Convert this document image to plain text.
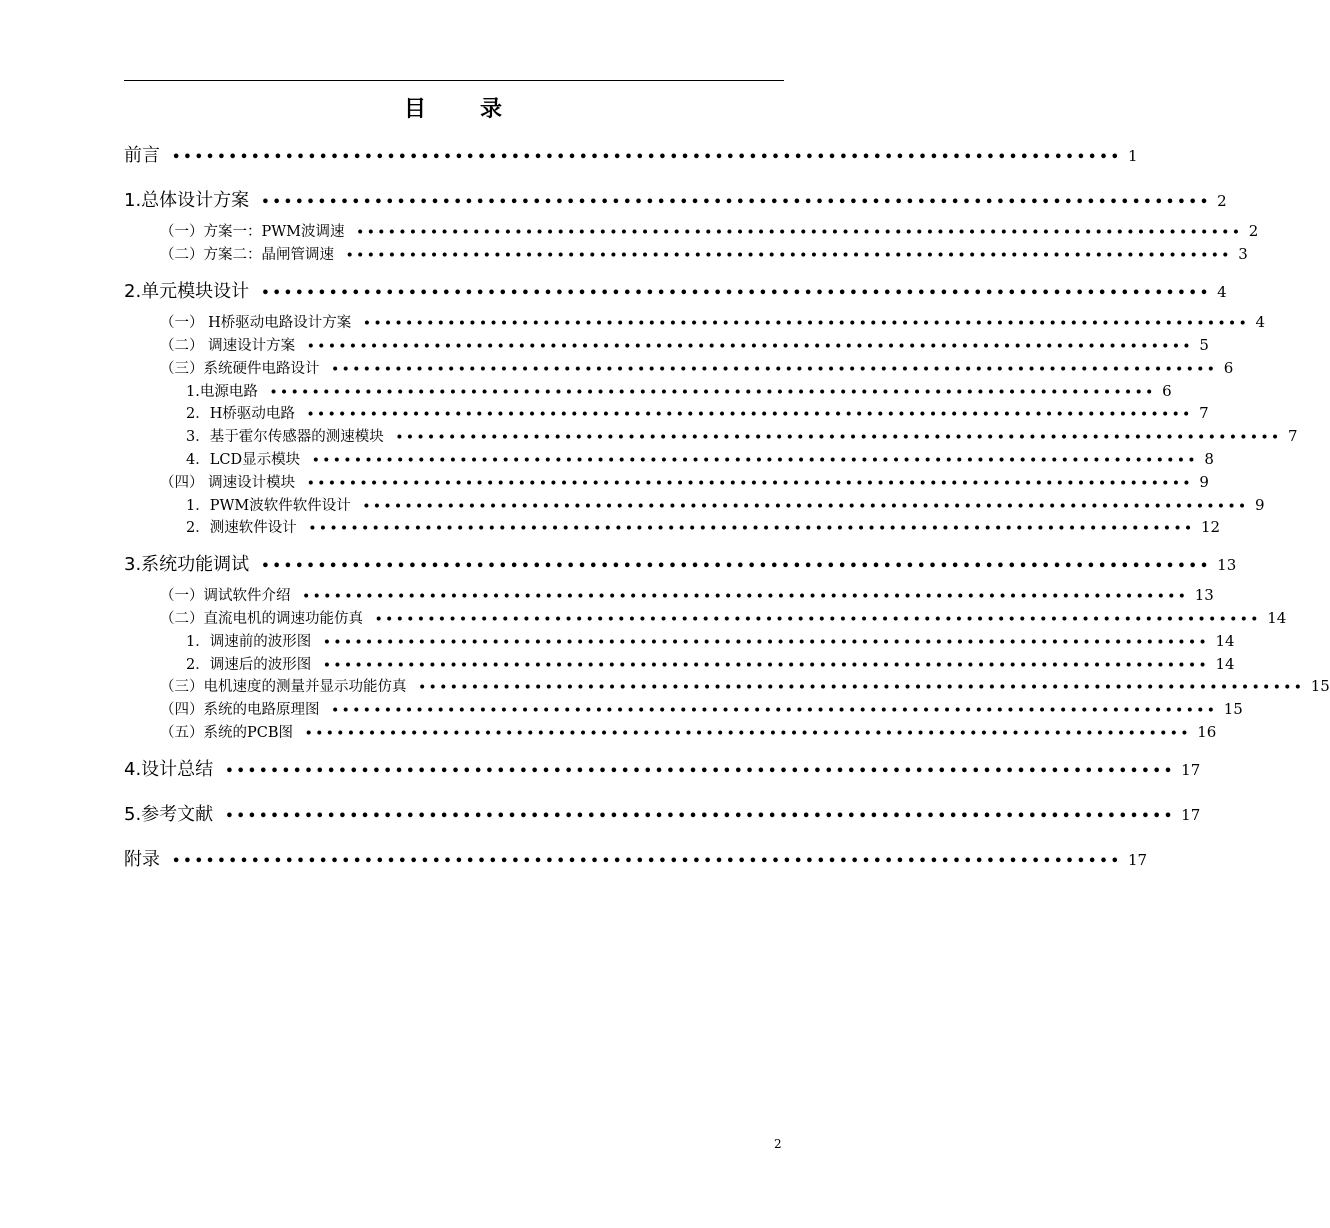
目 录
前言 •••••••••••••••••••••••••••••••••••••••••••••••••••••••••••••••••••••••••••••••••••• 1
1.总体设计方案 •••••••••••••••••••••••••••••••••••••••••••••••••••••••••••••••••••••••••••••••••••• 2
（一）方案一：PWM波调速 •••••••••••••••••••••••••••••••••••••••••••••••••••••••••••••••••••••••••••••••••••• 2
（二）方案二：晶闸管调速 •••••••••••••••••••••••••••••••••••••••••••••••••••••••••••••••••••••••••••••••••••• 3
2.单元模块设计 •••••••••••••••••••••••••••••••••••••••••••••••••••••••••••••••••••••••••••••••••••• 4
（一） H桥驱动电路设计方案 •••••••••••••••••••••••••••••••••••••••••••••••••••••••••••••••••••••••••••••••••••• 4
（二） 调速设计方案 •••••••••••••••••••••••••••••••••••••••••••••••••••••••••••••••••••••••••••••••••••• 5
（三）系统硬件电路设计 •••••••••••••••••••••••••••••••••••••••••••••••••••••••••••••••••••••••••••••••••••• 6
1.电源电路 •••••••••••••••••••••••••••••••••••••••••••••••••••••••••••••••••••••••••••••••••••• 6
2．H桥驱动电路 •••••••••••••••••••••••••••••••••••••••••••••••••••••••••••••••••••••••••••••••••••• 7
3．基于霍尔传感器的测速模块 •••••••••••••••••••••••••••••••••••••••••••••••••••••••••••••••••••••••••••••••••••• 7
4．LCD显示模块 •••••••••••••••••••••••••••••••••••••••••••••••••••••••••••••••••••••••••••••••••••• 8
（四） 调速设计模块 •••••••••••••••••••••••••••••••••••••••••••••••••••••••••••••••••••••••••••••••••••• 9
1．PWM波软件软件设计 •••••••••••••••••••••••••••••••••••••••••••••••••••••••••••••••••••••••••••••••••••• 9
2．测速软件设计 •••••••••••••••••••••••••••••••••••••••••••••••••••••••••••••••••••••••••••••••••••• 12
3.系统功能调试 •••••••••••••••••••••••••••••••••••••••••••••••••••••••••••••••••••••••••••••••••••• 13
（一）调试软件介绍 •••••••••••••••••••••••••••••••••••••••••••••••••••••••••••••••••••••••••••••••••••• 13
（二）直流电机的调速功能仿真 •••••••••••••••••••••••••••••••••••••••••••••••••••••••••••••••••••••••••••••••••••• 14
1．调速前的波形图 •••••••••••••••••••••••••••••••••••••••••••••••••••••••••••••••••••••••••••••••••••• 14
2．调速后的波形图 •••••••••••••••••••••••••••••••••••••••••••••••••••••••••••••••••••••••••••••••••••• 14
（三）电机速度的测量并显示功能仿真 •••••••••••••••••••••••••••••••••••••••••••••••••••••••••••••••••••••••••••••••••••• 15
（四）系统的电路原理图 •••••••••••••••••••••••••••••••••••••••••••••••••••••••••••••••••••••••••••••••••••• 15
（五）系统的PCB图 •••••••••••••••••••••••••••••••••••••••••••••••••••••••••••••••••••••••••••••••••••• 16
4.设计总结 •••••••••••••••••••••••••••••••••••••••••••••••••••••••••••••••••••••••••••••••••••• 17
5.参考文献 •••••••••••••••••••••••••••••••••••••••••••••••••••••••••••••••••••••••••••••••••••• 17
附录 •••••••••••••••••••••••••••••••••••••••••••••••••••••••••••••••••••••••••••••••••••• 17
2
